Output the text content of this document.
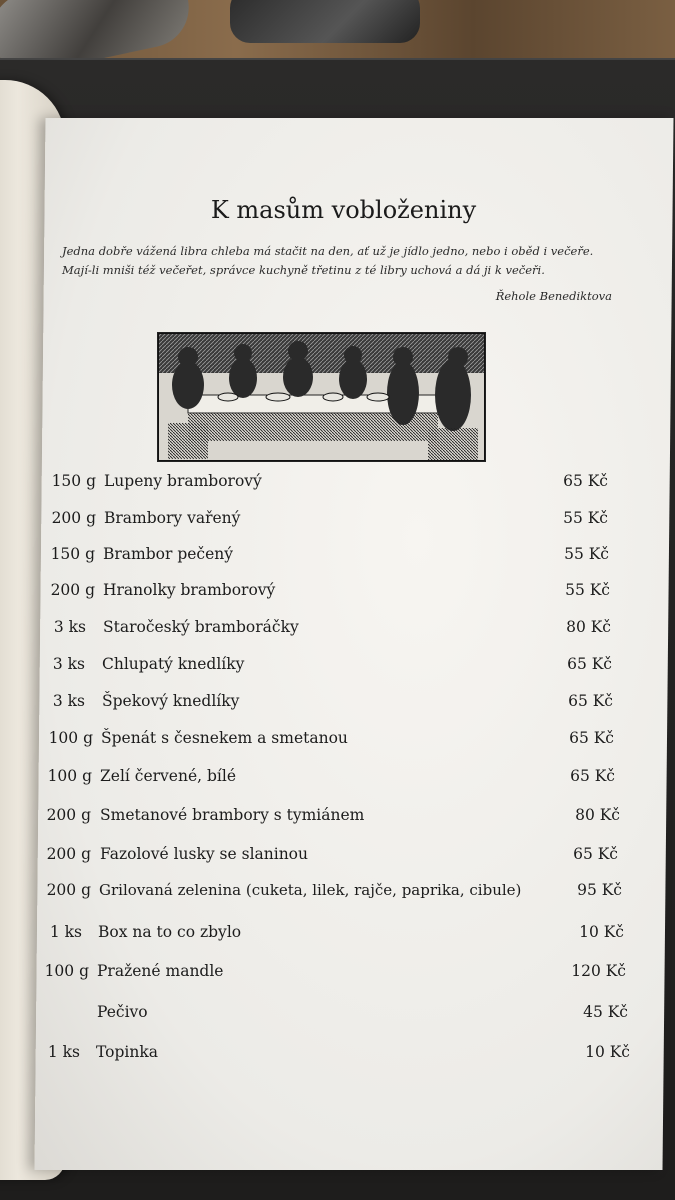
K masům vobloženiny
Jedna dobře vážená libra chleba má stačit na den, ať už je jídlo jedno, nebo i oběd i večeře. Mají-li mniši též večeřet, správce kuchyně třetinu z té libry uchová a dá ji k večeři.
Řehole Benediktova
150 g Lupeny bramborový	65 Kč
200 g Brambory vařený	55 Kč
150 g Brambor pečený	55 Kč
200 g Hranolky bramborový	55 Kč
3 ks Staročeský bramboráčky	80 Kč
3 ks Chlupatý knedlíky	65 Kč
3 ks Špekový knedlíky	65 Kč
100 g Špenát s česnekem a smetanou	65 Kč
100 g Zelí červené, bílé	65 Kč
200 g Smetanové brambory s tymiánem	80 Kč
200 g Fazolové lusky se slaninou	65 Kč
200 g Grilovaná zelenina (cuketa, lilek, rajče, paprika, cibule)	95 Kč
1 ks Box na to co zbylo	10 Kč
100 g Pražené mandle	120 Kč
Pečivo	45 Kč
1 ks Topinka	10 Kč
